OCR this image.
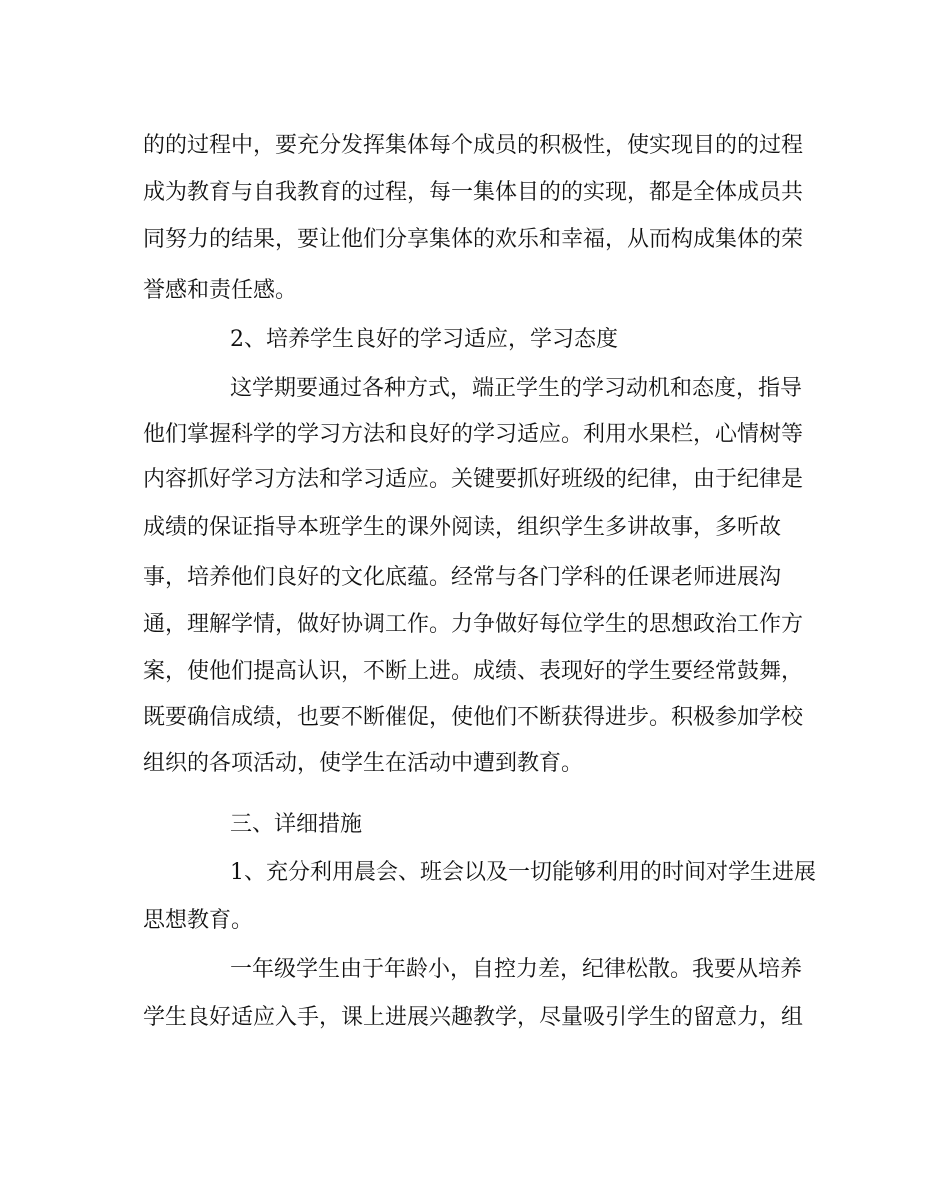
的的过程中，要充分发挥集体每个成员的积极性，使实现目的的过程
成为教育与自我教育的过程，每一集体目的的实现，都是全体成员共
同努力的结果，要让他们分享集体的欢乐和幸福，从而构成集体的荣
誉感和责任感。
2、培养学生良好的学习适应，学习态度
这学期要通过各种方式，端正学生的学习动机和态度，指导
他们掌握科学的学习方法和良好的学习适应。利用水果栏，心情树等
内容抓好学习方法和学习适应。关键要抓好班级的纪律，由于纪律是
成绩的保证指导本班学生的课外阅读，组织学生多讲故事，多听故
事，培养他们良好的文化底蕴。经常与各门学科的任课老师进展沟
通，理解学情，做好协调工作。力争做好每位学生的思想政治工作方
案，使他们提高认识，不断上进。成绩、表现好的学生要经常鼓舞，
既要确信成绩，也要不断催促，使他们不断获得进步。积极参加学校
组织的各项活动，使学生在活动中遭到教育。
三、详细措施
1、充分利用晨会、班会以及一切能够利用的时间对学生进展
思想教育。
一年级学生由于年龄小，自控力差，纪律松散。我要从培养
学生良好适应入手，课上进展兴趣教学，尽量吸引学生的留意力，组
